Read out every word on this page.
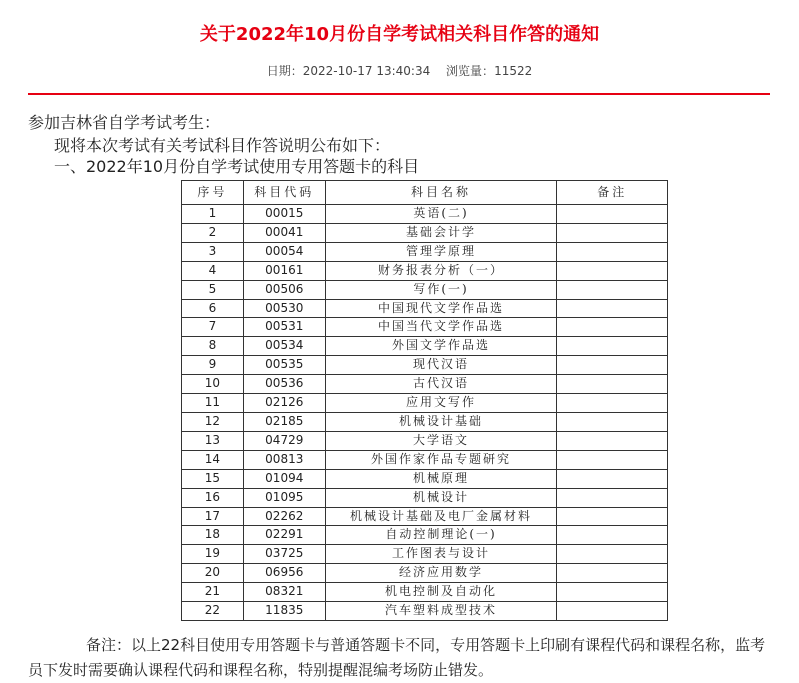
关于2022年10月份自学考试相关科目作答的通知
日期：2022-10-17 13:40:34 浏览量：11522
参加吉林省自学考试考生：
现将本次考试有关考试科目作答说明公布如下：
一、2022年10月份自学考试使用专用答题卡的科目
序号	科目代码	科目名称	备注
1	00015	英语(二)	
2	00041	基础会计学	
3	00054	管理学原理	
4	00161	财务报表分析（一）	
5	00506	写作(一)	
6	00530	中国现代文学作品选	
7	00531	中国当代文学作品选	
8	00534	外国文学作品选	
9	00535	现代汉语	
10	00536	古代汉语	
11	02126	应用文写作	
12	02185	机械设计基础	
13	04729	大学语文	
14	00813	外国作家作品专题研究	
15	01094	机械原理	
16	01095	机械设计	
17	02262	机械设计基础及电厂金属材料	
18	02291	自动控制理论(一)	
19	03725	工作图表与设计	
20	06956	经济应用数学	
21	08321	机电控制及自动化	
22	11835	汽车塑料成型技术	
备注：以上22科目使用专用答题卡与普通答题卡不同，专用答题卡上印刷有课程代码和课程名称，监考员下发时需要确认课程代码和课程名称，特别提醒混编考场防止错发。
